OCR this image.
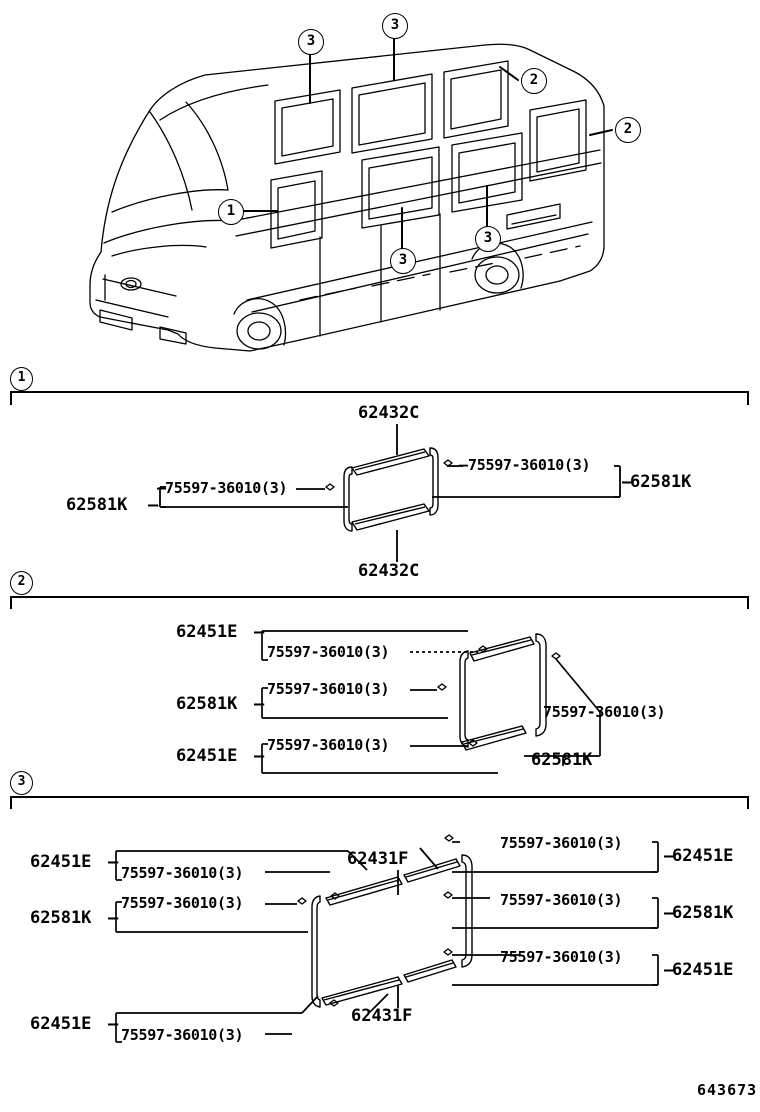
3
3
2
2
1
3
3
1
62432C
62432C
62581K
62581K
75597-36010(3)
75597-36010(3)
–
–
–
–
2
62451E –
75597-36010(3)
62581K –
75597-36010(3)
62451E –
75597-36010(3)
75597-36010(3)
62581K
3
62451E –
75597-36010(3)
62581K –
75597-36010(3)
62451E –
75597-36010(3)
62431F
62431F
75597-36010(3)
62451E
–
75597-36010(3)
62581K
–
75597-36010(3)
62451E
–
643673
